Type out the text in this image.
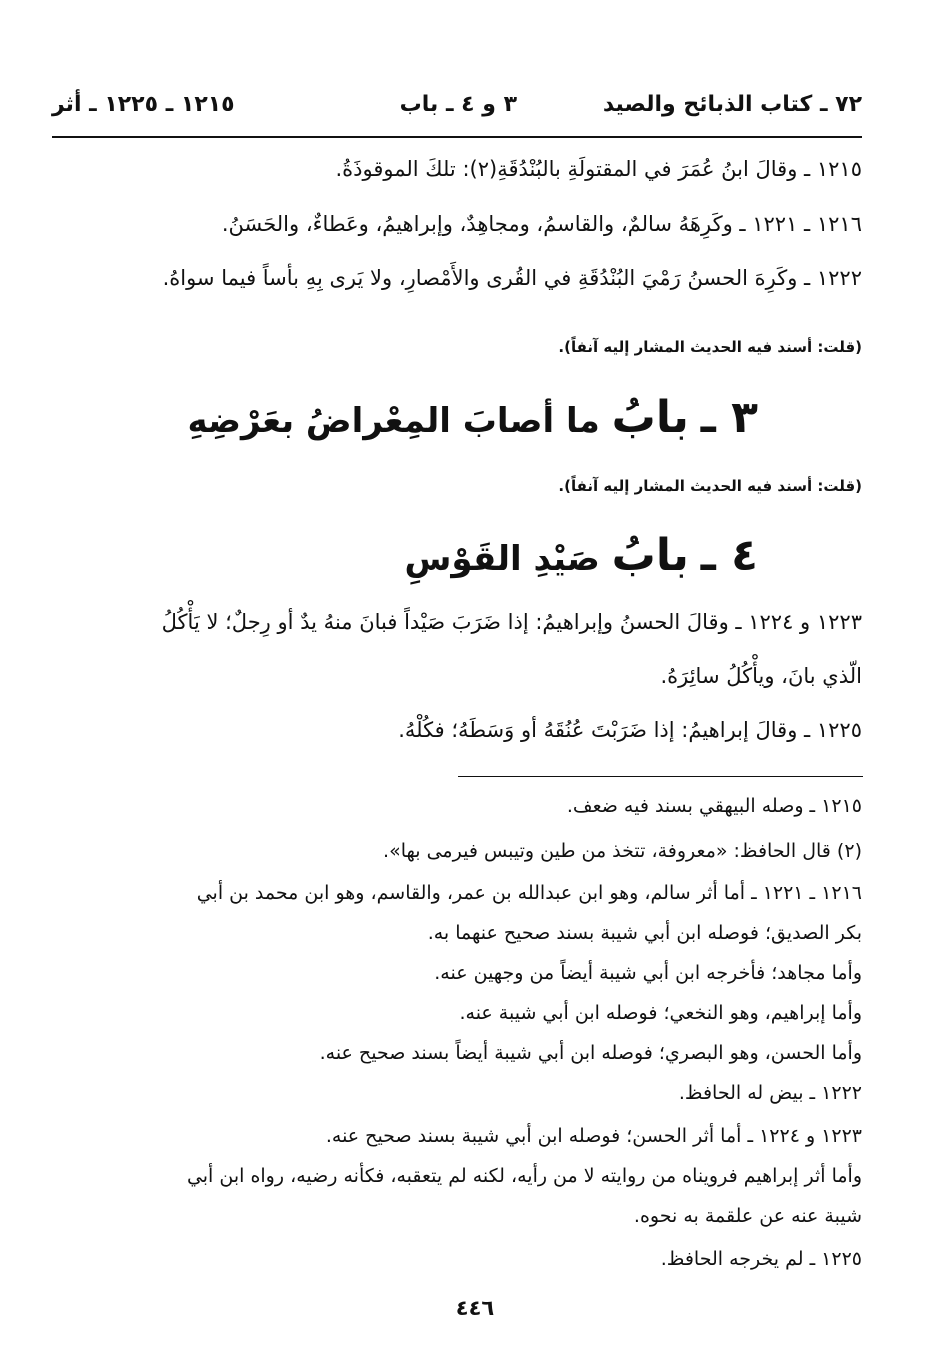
٧٢ ـ كتاب الذبائح والصيد
٣ و ٤ ـ باب
١٢١٥ ـ ١٢٢٥ ـ أثر
١٢١٥ ـ وقالَ ابنُ عُمَرَ في المقتولَةِ بالبُنْدُقَةِ(٢): تلكَ الموقوذَةُ.
١٢١٦ ـ ١٢٢١ ـ وكَرِهَهُ سالمٌ، والقاسمُ، ومجاهِدٌ، وإبراهيمُ، وعَطاءٌ، والحَسَنُ.
١٢٢٢ ـ وكَرِهَ الحسنُ رَمْيَ البُنْدُقَةِ في القُرى والأَمْصارِ، ولا يَرى بِهِ بأساً فيما سواهُ.
(قلت: أسند فيه الحديث المشار إليه آنفاً).
٣ ـ بابُ ما أصابَ المِعْراضُ بعَرْضِهِ
(قلت: أسند فيه الحديث المشار إليه آنفاً).
٤ ـ بابُ صَيْدِ القَوْسِ
١٢٢٣ و ١٢٢٤ ـ وقالَ الحسنُ وإبراهيمُ: إذا ضَرَبَ صَيْداً فبانَ منهُ يدٌ أو رِجلٌ؛ لا يَأْكُلُ
الّذي بانَ، ويأْكُلُ سائِرَهُ.
١٢٢٥ ـ وقالَ إبراهيمُ: إذا ضَرَبْتَ عُنُقَهُ أو وَسَطَهُ؛ فكُلْهُ.
١٢١٥ ـ وصله البيهقي بسند فيه ضعف.
(٢) قال الحافظ: «معروفة، تتخذ من طين وتيبس فيرمى بها».
١٢١٦ ـ ١٢٢١ ـ أما أثر سالم، وهو ابن عبدالله بن عمر، والقاسم، وهو ابن محمد بن أبي
بكر الصديق؛ فوصله ابن أبي شيبة بسند صحيح عنهما به.
وأما مجاهد؛ فأخرجه ابن أبي شيبة أيضاً من وجهين عنه.
وأما إبراهيم، وهو النخعي؛ فوصله ابن أبي شيبة عنه.
وأما الحسن، وهو البصري؛ فوصله ابن أبي شيبة أيضاً بسند صحيح عنه.
١٢٢٢ ـ بيض له الحافظ.
١٢٢٣ و ١٢٢٤ ـ أما أثر الحسن؛ فوصله ابن أبي شيبة بسند صحيح عنه.
وأما أثر إبراهيم فرويناه من روايته لا من رأيه، لكنه لم يتعقبه، فكأنه رضيه، رواه ابن أبي
شيبة عنه عن علقمة به نحوه.
١٢٢٥ ـ لم يخرجه الحافظ.
٤٤٦
